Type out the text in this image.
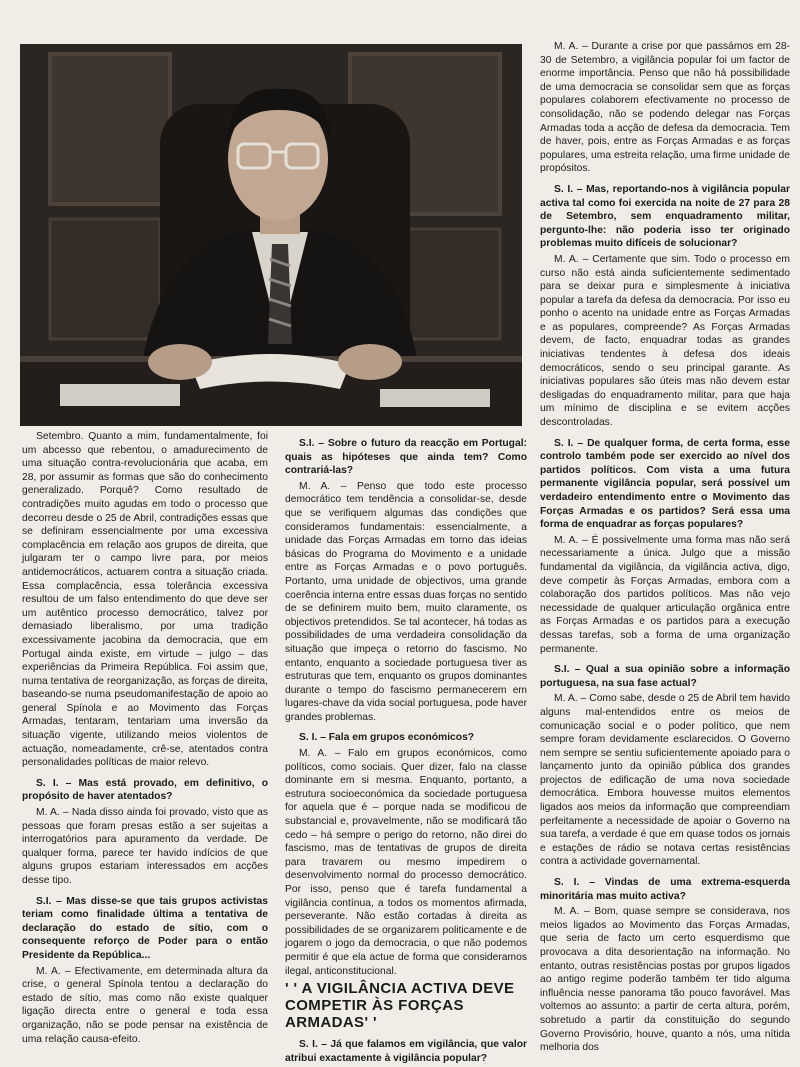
Setembro. Quanto a mim, fundamentalmente, foi um abcesso que rebentou, o amadurecimento de uma situação contra-revolucionária que acaba, em 28, por assumir as formas que são do conhecimento generalizado. Porquê? Como resultado de contradições muito agudas em todo o processo que decorreu desde o 25 de Abril, contradições essas que se definiram essencialmente por uma excessiva complacência em relação aos grupos de direita, que julgaram ter o campo livre para, por meios antidemocráticos, actuarem contra a situação criada. Essa complacência, essa tolerância excessiva resultou de um falso entendimento do que deve ser um autêntico processo democrático, talvez por demasiado liberalismo, por uma tradição excessivamente jacobina da democracia, que em Portugal ainda existe, em virtude – julgo – das experiências da Primeira República. Foi assim que, numa tentativa de reorganização, as forças de direita, baseando-se numa pseudomanifestação de apoio ao general Spínola e ao Movimento das Forças Armadas, tentaram, tentariam uma inversão da situação vigente, utilizando meios violentos de actuação, nomeadamente, crê-se, atentados contra personalidades políticas de maior relevo.

S. I. – Mas está provado, em definitivo, o propósito de haver atentados?

M. A. – Nada disso ainda foi provado, visto que as pessoas que foram presas estão a ser sujeitas a interrogatórios para apuramento da verdade. De qualquer forma, parece ter havido indícios de que alguns grupos estariam interessados em acções desse tipo.

S.I. – Mas disse-se que tais grupos activistas teriam como finalidade última a tentativa de declaração do estado de sítio, com o consequente reforço de Poder para o então Presidente da República...

M. A. – Efectivamente, em determinada altura da crise, o general Spínola tentou a declaração do estado de sítio, mas como não existe qualquer ligação directa entre o general e toda essa organização, não se pode pensar na existência de uma relação causa-efeito.

S.I. – Sobre o futuro da reacção em Portugal: quais as hipóteses que ainda tem? Como contrariá-las?

M. A. – Penso que todo este processo democrático tem tendência a consolidar-se, desde que se verifiquem algumas das condições que consideramos fundamentais: essencialmente, a unidade das Forças Armadas em torno das ideias básicas do Programa do Movimento e a unidade entre as Forças Armadas e o povo português. Portanto, uma unidade de objectivos, uma grande coerência interna entre essas duas forças no sentido de se definirem muito bem, muito claramente, os objectivos pretendidos. Se tal acontecer, há todas as possibilidades de uma verdadeira consolidação da situação que impeça o retorno do fascismo. No entanto, enquanto a sociedade portuguesa tiver as estruturas que tem, enquanto os grupos dominantes durante o tempo do fascismo permanecerem em lugares-chave da vida social portuguesa, pode haver grandes problemas.

S. I. – Fala em grupos económicos?

M. A. – Falo em grupos económicos, como políticos, como sociais. Quer dizer, falo na classe dominante em si mesma. Enquanto, portanto, a estrutura socioeconómica da sociedade portuguesa for aquela que é – porque nada se modificou de substancial e, provavelmente, não se modificará tão cedo – há sempre o perigo do retorno, não direi do fascismo, mas de tentativas de grupos de direita para travarem ou mesmo impedirem o desenvolvimento normal do processo democrático. Por isso, penso que é tarefa fundamental a vigilância contínua, a todos os momentos afirmada, perseverante. Não estão cortadas à direita as possibilidades de se organizarem politicamente e de jogarem o jogo da democracia, o que não podemos permitir é que ela actue de forma que consideramos ilegal, anticonstitucional.

' ' A VIGILÂNCIA ACTIVA DEVE COMPETIR ÀS FORÇAS ARMADAS' '

S. I. – Já que falamos em vigilância, que valor atribui exactamente à vigilância popular?

M. A. – Durante a crise por que passámos em 28-30 de Setembro, a vigilância popular foi um factor de enorme importância. Penso que não há possibilidade de uma democracia se consolidar sem que as forças populares colaborem efectivamente no processo de consolidação, não se podendo delegar nas Forças Armadas toda a acção de defesa da democracia. Tem de haver, pois, entre as Forças Armadas e as forças populares, uma estreita relação, uma firme unidade de propósitos.

S. I. – Mas, reportando-nos à vigilância popular activa tal como foi exercida na noite de 27 para 28 de Setembro, sem enquadramento militar, pergunto-lhe: não poderia isso ter originado problemas muito difíceis de solucionar?

M. A. – Certamente que sim. Todo o processo em curso não está ainda suficientemente sedimentado para se deixar pura e simplesmente à iniciativa popular a tarefa da defesa da democracia. Por isso eu ponho o acento na unidade entre as Forças Armadas e as populares, compreende? As Forças Armadas devem, de facto, enquadrar todas as grandes iniciativas tendentes à defesa dos ideais democráticos, sendo o seu principal garante. As iniciativas populares são úteis mas não devem estar desligadas do enquadramento militar, para que haja um mínimo de disciplina e se evitem acções descontroladas.

S. I. – De qualquer forma, de certa forma, esse controlo também pode ser exercido ao nível dos partidos políticos. Com vista a uma futura permanente vigilância popular, será possível um verdadeiro entendimento entre o Movimento das Forças Armadas e os partidos? Será essa uma forma de enquadrar as forças populares?

M. A. – É possivelmente uma forma mas não será necessariamente a única. Julgo que a missão fundamental da vigilância, da vigilância activa, digo, deve competir às Forças Armadas, embora com a colaboração dos partidos políticos. Mas não vejo necessidade de qualquer articulação orgânica entre as Forças Armadas e os partidos para a execução dessas tarefas, sob a forma de uma organização permanente.

S.I. – Qual a sua opinião sobre a informação portuguesa, na sua fase actual?

M. A. – Como sabe, desde o 25 de Abril tem havido alguns mal-entendidos entre os meios de comunicação social e o poder político, que nem sempre foram devidamente esclarecidos. O Governo nem sempre se sentiu suficientemente apoiado para o lançamento junto da opinião pública dos grandes projectos de edificação de uma nova sociedade democrática. Embora houvesse muitos elementos ligados aos meios da informação que compreendiam perfeitamente a necessidade de apoiar o Governo na sua tarefa, a verdade é que em quase todos os jornais e estações de rádio se notava certas resistências contra a actividade governamental.

S. I. – Vindas de uma extrema-esquerda minoritária mas muito activa?

M. A. – Bom, quase sempre se considerava, nos meios ligados ao Movimento das Forças Armadas, que seria de facto um certo esquerdismo que provocava a dita desorientação na informação. No entanto, outras resistências postas por grupos ligados ao antigo regime poderão também ter tido alguma influência nesse panorama tão pouco favorável. Mas voltemos ao assunto: a partir de certa altura, porém, sobretudo a partir da constituição do segundo Governo Provisório, houve, quanto a nós, uma nítida melhoria dos
